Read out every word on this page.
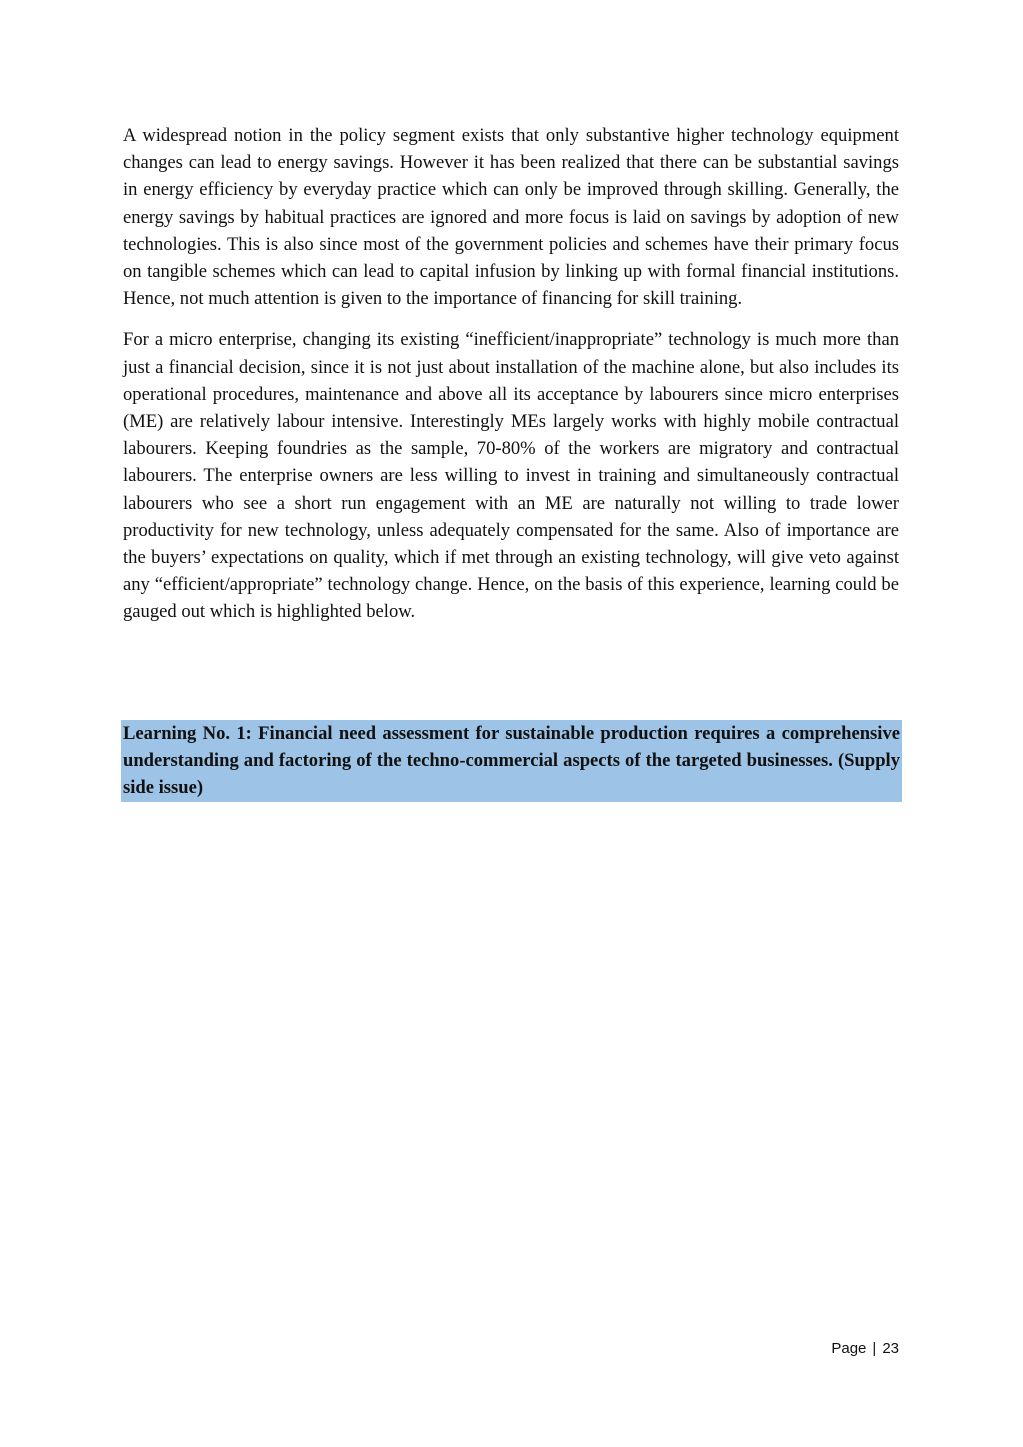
A widespread notion in the policy segment exists that only substantive higher technology equipment changes can lead to energy savings. However it has been realized that there can be substantial savings in energy efficiency by everyday practice which can only be improved through skilling. Generally, the energy savings by habitual practices are ignored and more focus is laid on savings by adoption of new technologies. This is also since most of the government policies and schemes have their primary focus on tangible schemes which can lead to capital infusion by linking up with formal financial institutions. Hence, not much attention is given to the importance of financing for skill training.

For a micro enterprise, changing its existing “inefficient/inappropriate” technology is much more than just a financial decision, since it is not just about installation of the machine alone, but also includes its operational procedures, maintenance and above all its acceptance by labourers since micro enterprises (ME) are relatively labour intensive. Interestingly MEs largely works with highly mobile contractual labourers. Keeping foundries as the sample, 70-80% of the workers are migratory and contractual labourers. The enterprise owners are less willing to invest in training and simultaneously contractual labourers who see a short run engagement with an ME are naturally not willing to trade lower productivity for new technology, unless adequately compensated for the same. Also of importance are the buyers’ expectations on quality, which if met through an existing technology, will give veto against any “efficient/appropriate” technology change. Hence, on the basis of this experience, learning could be gauged out which is highlighted below.

Learning No. 1: Financial need assessment for sustainable production requires a comprehensive understanding and factoring of the techno-commercial aspects of the targeted businesses. (Supply side issue)

Page | 23
